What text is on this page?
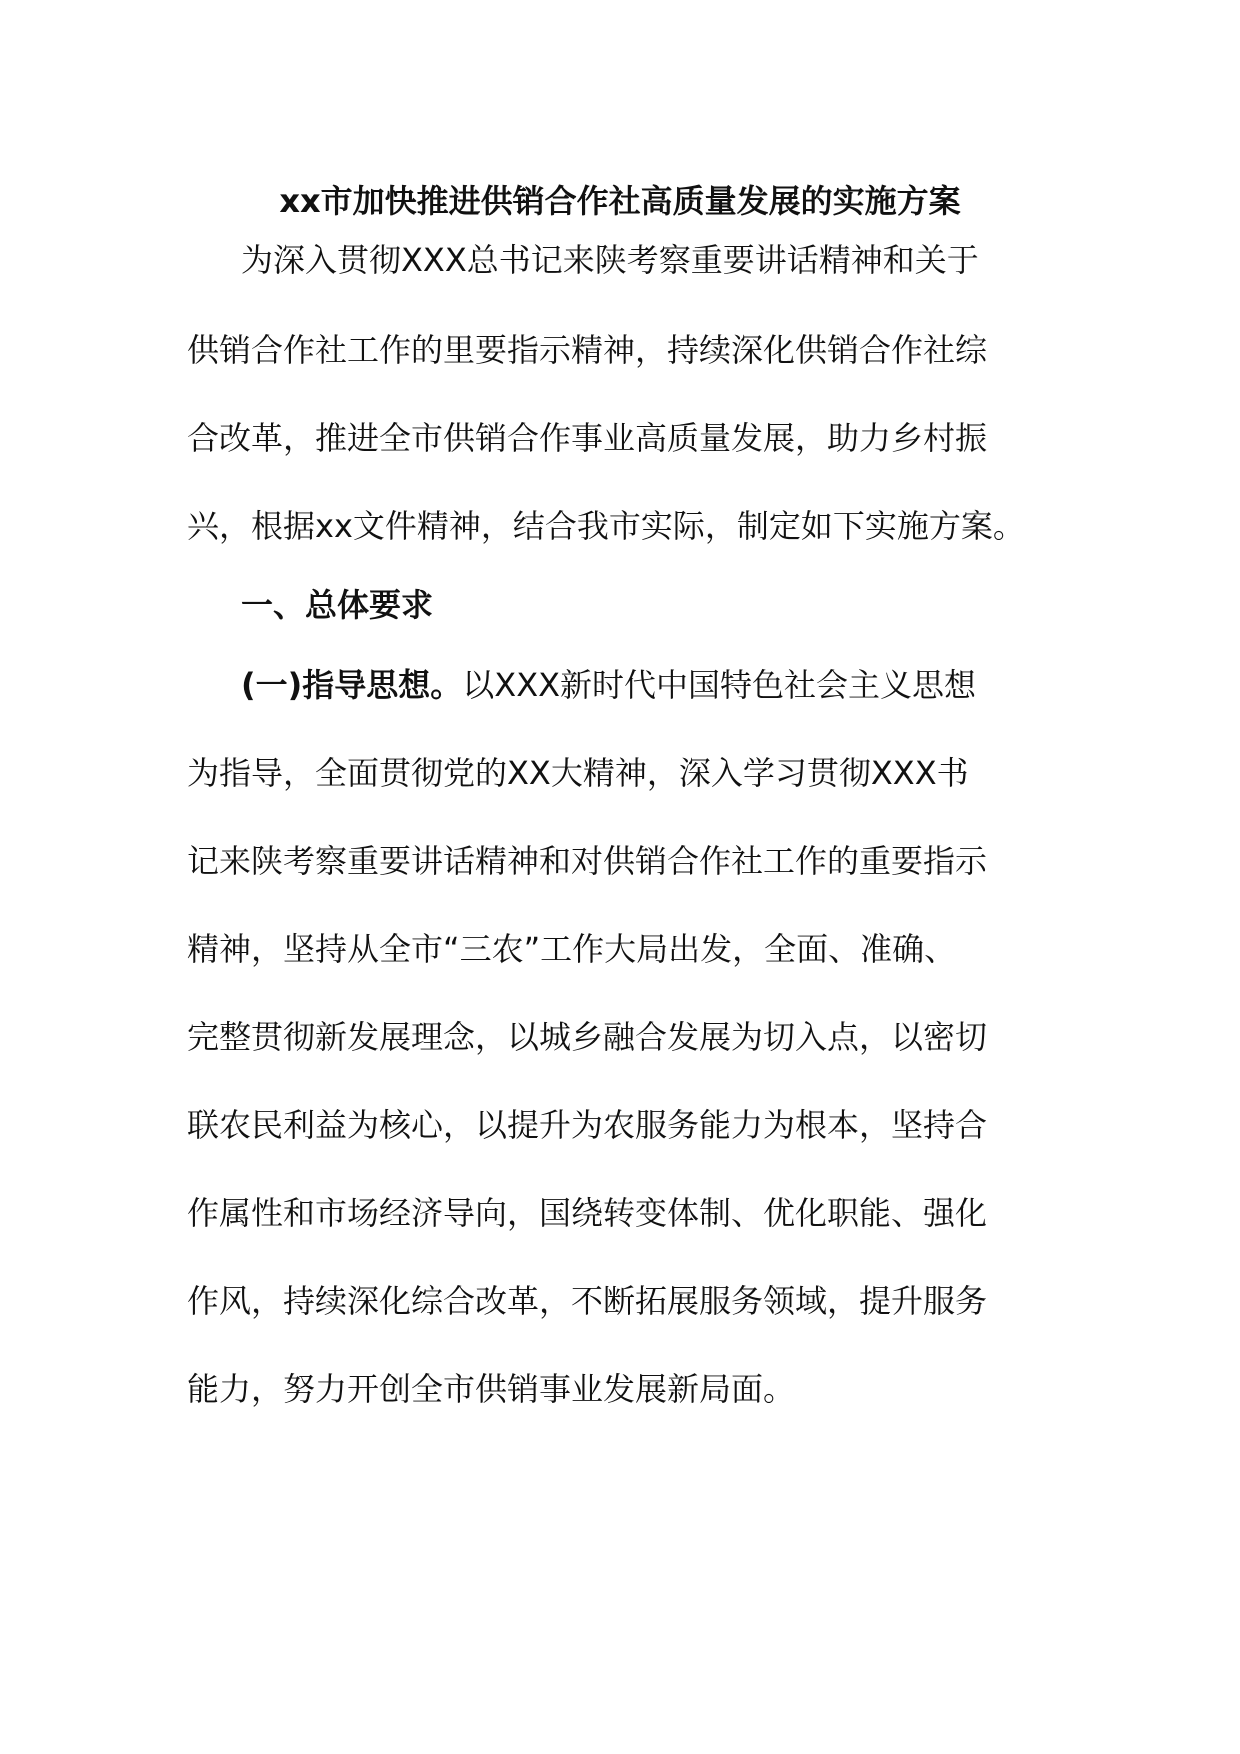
xx市加快推进供销合作社高质量发展的实施方案
为深入贯彻XXX总书记来陕考察重要讲话精神和关于
供销合作社工作的里要指示精神，持续深化供销合作社综
合改革，推进全市供销合作事业高质量发展，助力乡村振
兴，根据xx文件精神，结合我市实际，制定如下实施方案。
一、总体要求
(一)指导思想。以XXX新时代中国特色社会主义思想
为指导，全面贯彻党的XX大精神，深入学习贯彻XXX书
记来陕考察重要讲话精神和对供销合作社工作的重要指示
精神，坚持从全市“三农”工作大局出发，全面、准确、
完整贯彻新发展理念，以城乡融合发展为切入点，以密切
联农民利益为核心，以提升为农服务能力为根本，坚持合
作属性和市场经济导向，国绕转变体制、优化职能、强化
作风，持续深化综合改革，不断拓展服务领域，提升服务
能力，努力开创全市供销事业发展新局面。
